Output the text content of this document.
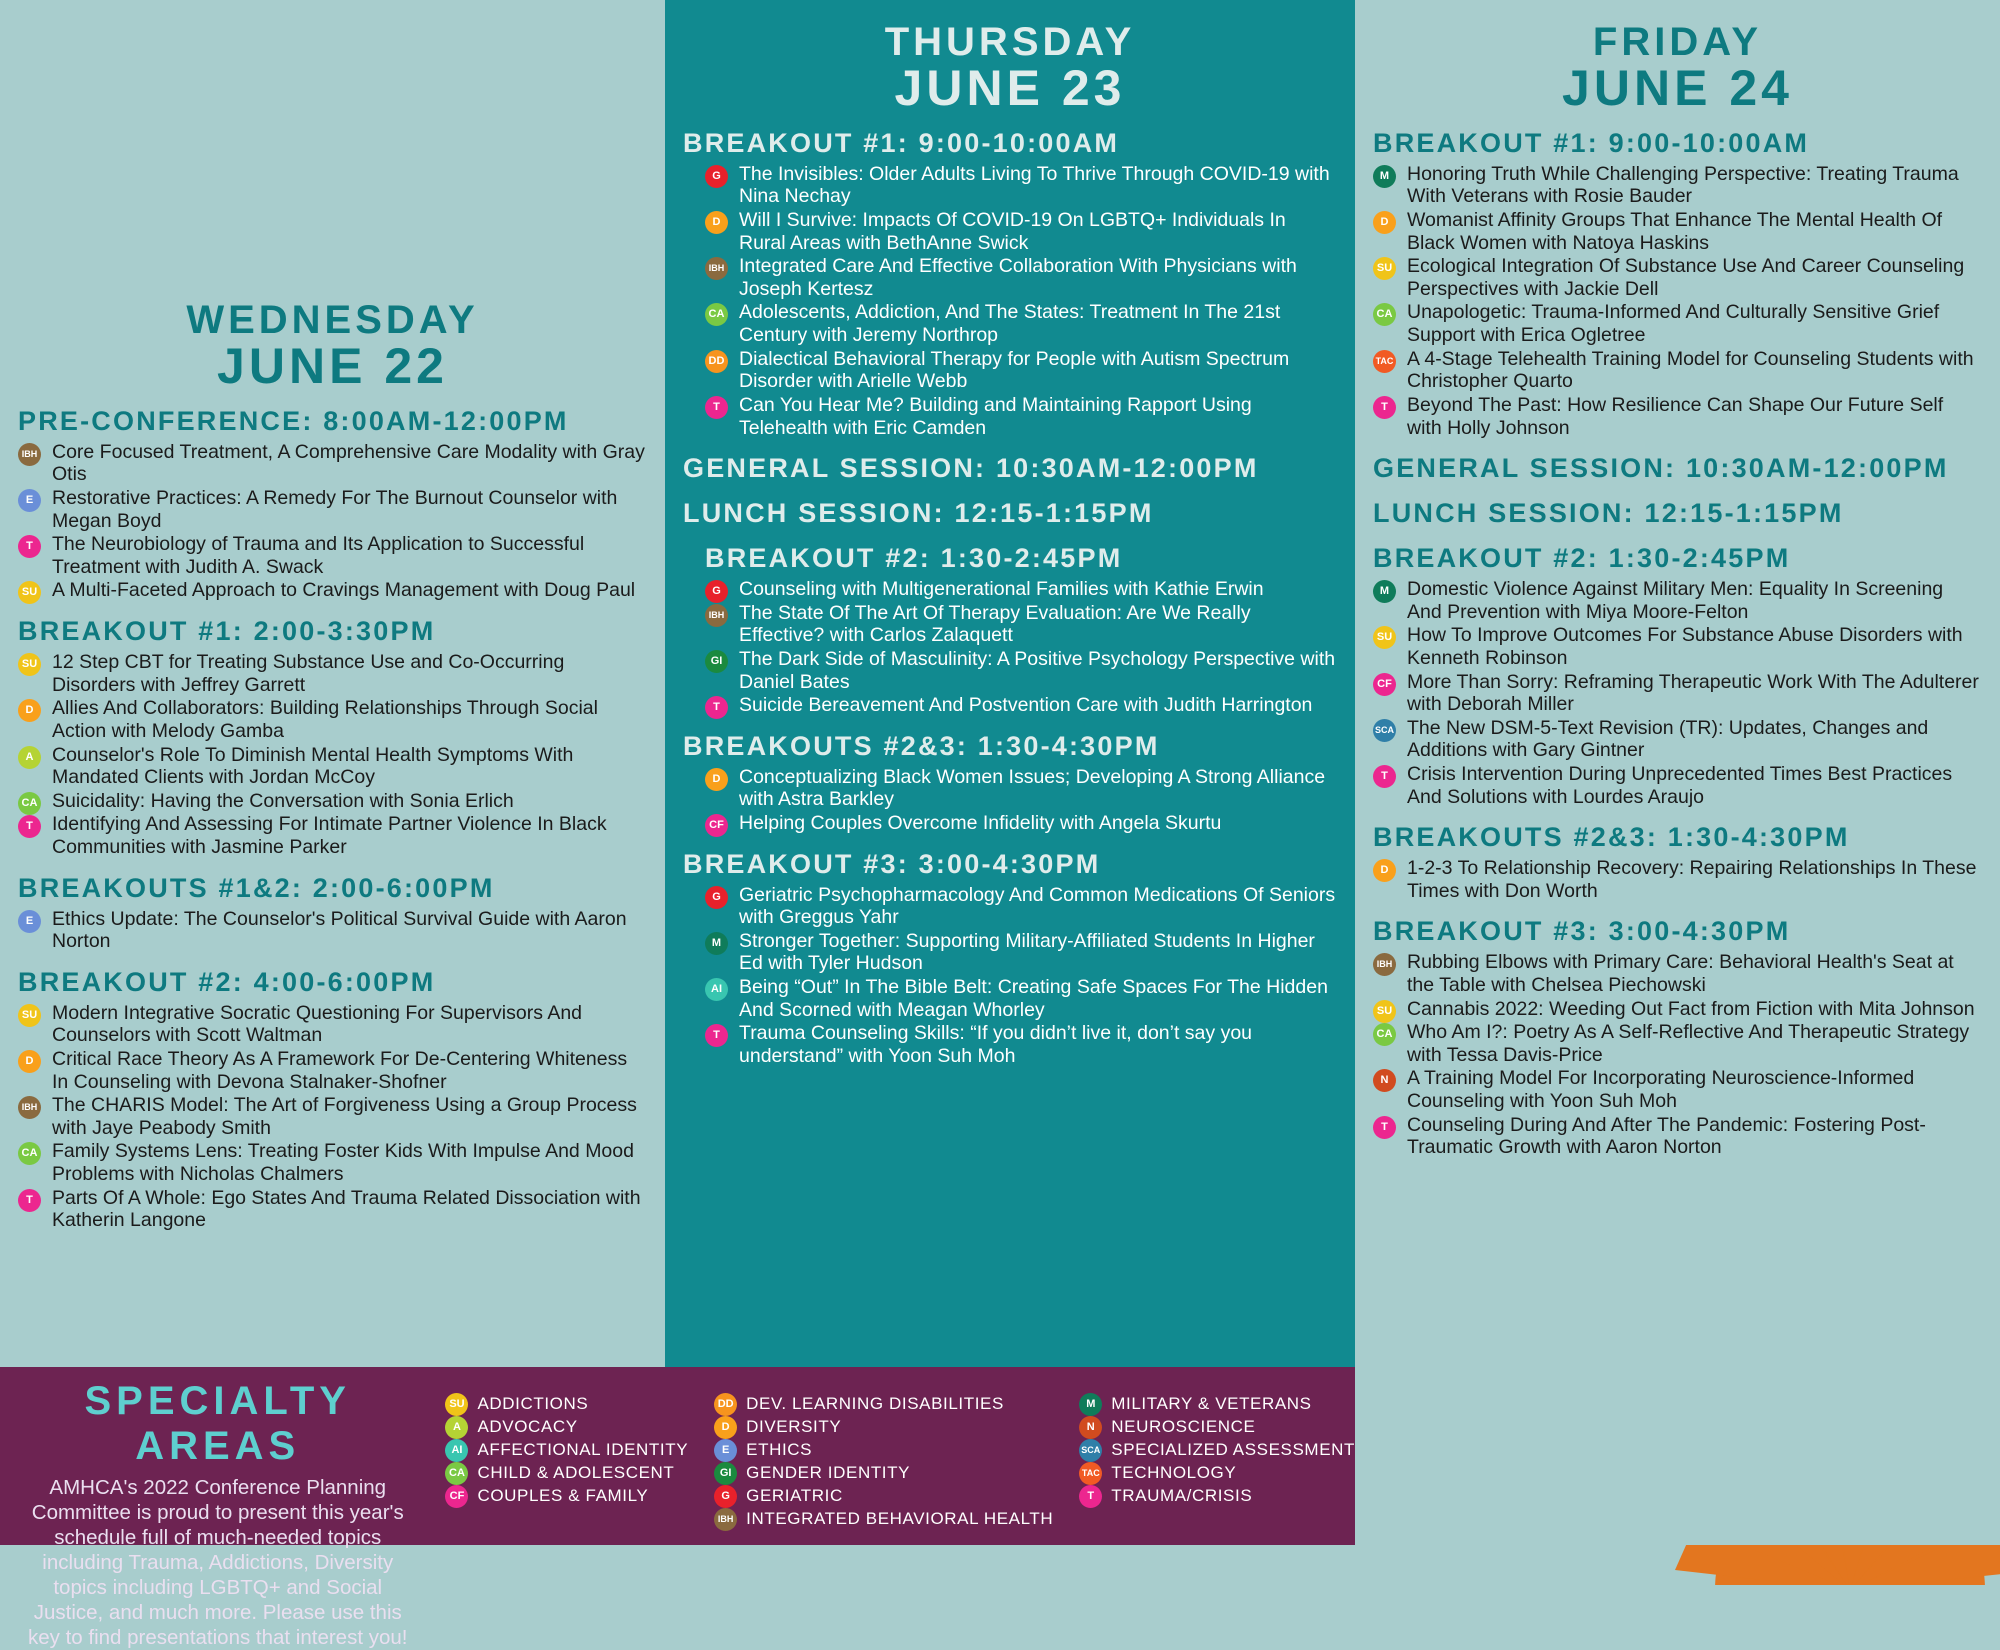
WEDNESDAY
JUNE 22
PRE-CONFERENCE: 8:00AM-12:00PM
IBH Core Focused Treatment, A Comprehensive Care Modality with Gray Otis
E Restorative Practices: A Remedy For The Burnout Counselor with Megan Boyd
T The Neurobiology of Trauma and Its Application to Successful Treatment with Judith A. Swack
SU A Multi-Faceted Approach to Cravings Management with Doug Paul
BREAKOUT #1: 2:00-3:30PM
SU 12 Step CBT for Treating Substance Use and Co-Occurring Disorders with Jeffrey Garrett
D Allies And Collaborators: Building Relationships Through Social Action with Melody Gamba
A Counselor's Role To Diminish Mental Health Symptoms With Mandated Clients with Jordan McCoy
CA Suicidality: Having the Conversation with Sonia Erlich
T Identifying And Assessing For Intimate Partner Violence In Black Communities with Jasmine Parker
BREAKOUTS #1&2: 2:00-6:00PM
E Ethics Update: The Counselor's Political Survival Guide with Aaron Norton
BREAKOUT #2: 4:00-6:00PM
SU Modern Integrative Socratic Questioning For Supervisors And Counselors with Scott Waltman
D Critical Race Theory As A Framework For De-Centering Whiteness In Counseling with Devona Stalnaker-Shofner
IBH The CHARIS Model: The Art of Forgiveness Using a Group Process with Jaye Peabody Smith
CA Family Systems Lens: Treating Foster Kids With Impulse And Mood Problems with Nicholas Chalmers
T Parts Of A Whole: Ego States And Trauma Related Dissociation with Katherin Langone
THURSDAY
JUNE 23
BREAKOUT #1: 9:00-10:00AM
G The Invisibles: Older Adults Living To Thrive Through COVID-19 with Nina Nechay
D Will I Survive: Impacts Of COVID-19 On LGBTQ+ Individuals In Rural Areas with BethAnne Swick
IBH Integrated Care And Effective Collaboration With Physicians with Joseph Kertesz
CA Adolescents, Addiction, And The States: Treatment In The 21st Century with Jeremy Northrop
DD Dialectical Behavioral Therapy for People with Autism Spectrum Disorder with Arielle Webb
T Can You Hear Me? Building and Maintaining Rapport Using Telehealth with Eric Camden
GENERAL SESSION: 10:30AM-12:00PM
LUNCH SESSION: 12:15-1:15PM
BREAKOUT #2: 1:30-2:45PM
G Counseling with Multigenerational Families with Kathie Erwin
IBH The State Of The Art Of Therapy Evaluation: Are We Really Effective? with Carlos Zalaquett
GI The Dark Side of Masculinity: A Positive Psychology Perspective with Daniel Bates
T Suicide Bereavement And Postvention Care with Judith Harrington
BREAKOUTS #2&3: 1:30-4:30PM
D Conceptualizing Black Women Issues; Developing A Strong Alliance with Astra Barkley
CF Helping Couples Overcome Infidelity with Angela Skurtu
BREAKOUT #3: 3:00-4:30PM
G Geriatric Psychopharmacology And Common Medications Of Seniors with Greggus Yahr
M Stronger Together: Supporting Military-Affiliated Students In Higher Ed with Tyler Hudson
AI Being “Out” In The Bible Belt: Creating Safe Spaces For The Hidden And Scorned with Meagan Whorley
T Trauma Counseling Skills: “If you didn’t live it, don’t say you understand” with Yoon Suh Moh
FRIDAY
JUNE 24
BREAKOUT #1: 9:00-10:00AM
M Honoring Truth While Challenging Perspective: Treating Trauma With Veterans with Rosie Bauder
D Womanist Affinity Groups That Enhance The Mental Health Of Black Women with Natoya Haskins
SU Ecological Integration Of Substance Use And Career Counseling Perspectives with Jackie Dell
CA Unapologetic: Trauma-Informed And Culturally Sensitive Grief Support with Erica Ogletree
TAC A 4-Stage Telehealth Training Model for Counseling Students with Christopher Quarto
T Beyond The Past: How Resilience Can Shape Our Future Self with Holly Johnson
GENERAL SESSION: 10:30AM-12:00PM
LUNCH SESSION: 12:15-1:15PM
BREAKOUT #2: 1:30-2:45PM
M Domestic Violence Against Military Men: Equality In Screening And Prevention with Miya Moore-Felton
SU How To Improve Outcomes For Substance Abuse Disorders with Kenneth Robinson
CF More Than Sorry: Reframing Therapeutic Work With The Adulterer with Deborah Miller
SCA The New DSM-5-Text Revision (TR): Updates, Changes and Additions with Gary Gintner
T Crisis Intervention During Unprecedented Times Best Practices And Solutions with Lourdes Araujo
BREAKOUTS #2&3: 1:30-4:30PM
D 1-2-3 To Relationship Recovery: Repairing Relationships In These Times with Don Worth
BREAKOUT #3: 3:00-4:30PM
IBH Rubbing Elbows with Primary Care: Behavioral Health's Seat at the Table with Chelsea Piechowski
SU Cannabis 2022: Weeding Out Fact from Fiction with Mita Johnson
CA Who Am I?: Poetry As A Self-Reflective And Therapeutic Strategy with Tessa Davis-Price
N A Training Model For Incorporating Neuroscience-Informed Counseling with Yoon Suh Moh
T Counseling During And After The Pandemic: Fostering Post-Traumatic Growth with Aaron Norton
SPECIALTY AREAS

AMHCA's 2022 Conference Planning Committee is proud to present this year's schedule full of much-needed topics including Trauma, Addictions, Diversity topics including LGBTQ+ and Social Justice, and much more. Please use this key to find presentations that interest you!

SU ADDICTIONS
A ADVOCACY
AI AFFECTIONAL IDENTITY
CA CHILD & ADOLESCENT
CF COUPLES & FAMILY
DD DEV. LEARNING DISABILITIES
D DIVERSITY
E ETHICS
GI GENDER IDENTITY
G GERIATRIC
IBH INTEGRATED BEHAVIORAL HEALTH
M MILITARY & VETERANS
N NEUROSCIENCE
SCA SPECIALIZED ASSESSMENT
TAC TECHNOLOGY
T	TRAUMA/CRISIS
